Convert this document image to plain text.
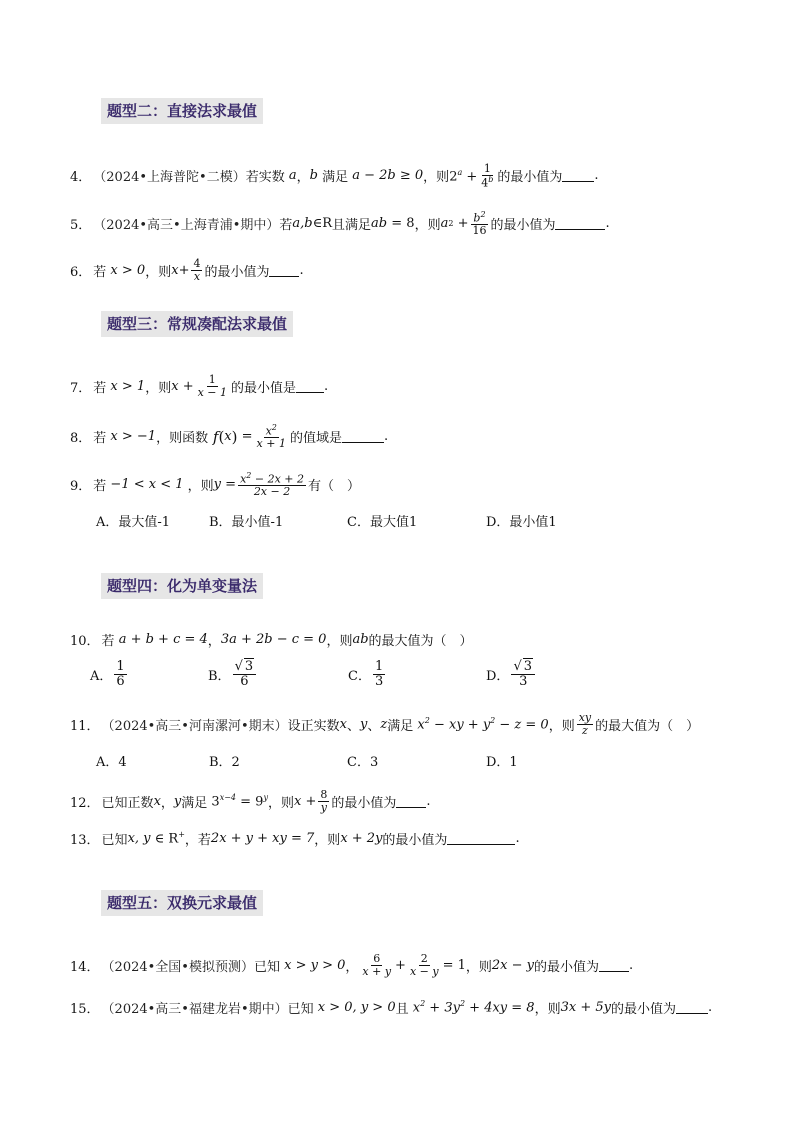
题型二：直接法求最值
4． （2024•上海普陀•二模） 若实数 a ， b 满足 a − 2b ≥ 0 ，则 $2^a + \frac{1}{4^b}$ 的最小值为 .
5． （2024•高三•上海青浦•期中） 若 a,b ∈R 且满足 ab = 8 ，则 a $2 + \frac{b^2}{16}$ 的最小值为	.
6． 若 x > 0 ，则 $x + \frac{4}{x}$ 的最小值为 .
题型三：常规凑配法求最值
7． 若 x > 1 ，则 $x + \frac{1}{x - 1}$ 的最小值是 .
8． 若 x > −1 ，则函数 f ( x ) = $\frac{x^2}{x + 1}$ 的值域是	.
9． 若 −1 < x < 1 ，则 $y = \frac{x^2 - 2x + 2}{2x - 2}$ 有（　）
A．最大值-1	B．最小值-1	C．最大值1	D．最小值1
题型四：化为单变量法
10． 若 a + b + c = 4 ， 3a + 2b − c = 0 ，则 ab 的最大值为（　）
A． $\frac{1}{6}$	B． $\frac{√ 3}{6}$	C． $\frac{1}{3}$	D． $\frac{√ 3}{3}$
11． （2024•高三•河南漯河•期末） 设正实数 x 、 y 、 z 满足 $x^2$ − xy + $y^2 - z = 0$ ，则 $\frac{xy}{z}$ 的最大值为（　）
A．4	B．2	C．3	D．1
12． 已知正数 x ， y 满足 $3^{x-4} = 9^y$ ，则 $x + \frac{8}{y}$ 的最小值为 .
13． 已知 x, y ∈ R+ ，若 2x + y + xy = 7 ，则 x + 2y 的最小值为	.
题型五：双换元求最值
14． （2024•全国•模拟预测） 已知 x > y > 0 ， $\frac{6}{x + y} + \frac{2}{x - y} = 1$ ，则 2x − y 的最小值为 .
15． （2024•高三•福建龙岩•期中） 已知 x > 0, y > 0 且 $x^2 + 3y^2 + 4xy = 8$ ，则 3x + 5y 的最小值为 .
